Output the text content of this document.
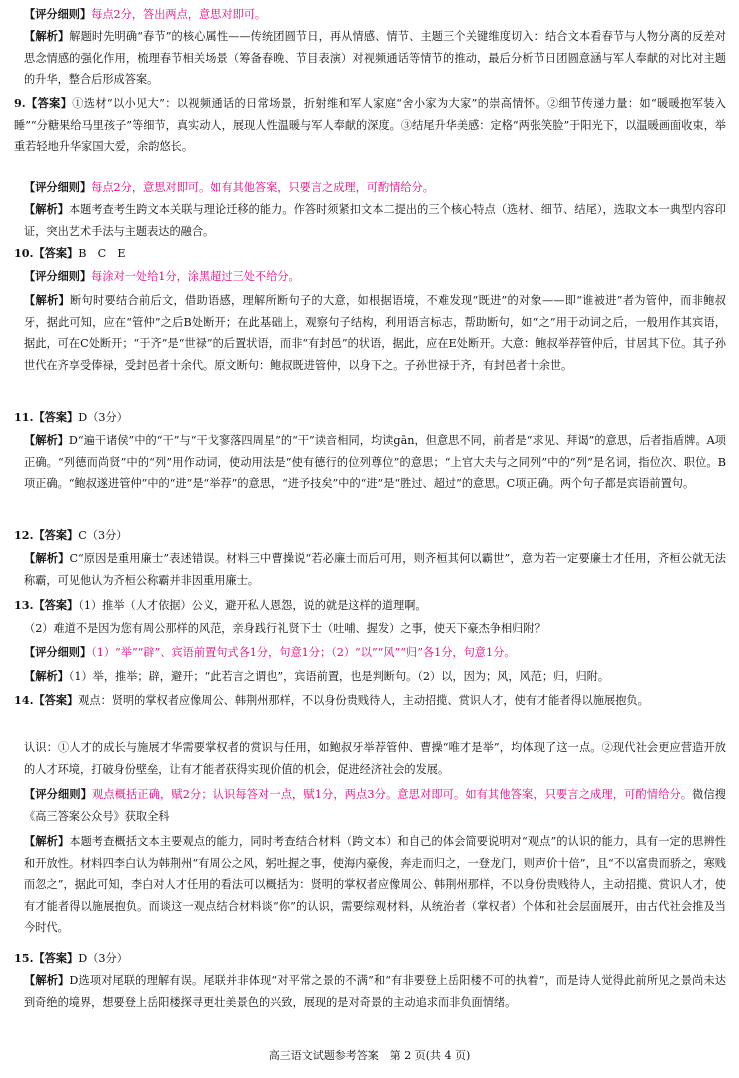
【评分细则】每点2分，答出两点，意思对即可。
【解析】解题时先明确“春节”的核心属性——传统团圆节日，再从情感、情节、主题三个关键维度切入：结合文本看春节与人物分离的反差对思念情感的强化作用，梳理春节相关场景（筹备春晚、节目表演）对视频通话等情节的推动，最后分析节日团圆意涵与军人奉献的对比对主题的升华，整合后形成答案。
9.【答案】①选材“以小见大”：以视频通话的日常场景，折射维和军人家庭“舍小家为大家”的崇高情怀。②细节传递力量：如“暖暖抱军装入睡”“分糖果给马里孩子”等细节，真实动人，展现人性温暖与军人奉献的深度。③结尾升华美感：定格“两张笑脸”于阳光下，以温暖画面收束，举重若轻地升华家国大爱，余韵悠长。
【评分细则】每点2分，意思对即可。如有其他答案，只要言之成理，可酌情给分。
【解析】本题考查考生跨文本关联与理论迁移的能力。作答时须紧扣文本二提出的三个核心特点（选材、细节、结尾），选取文本一典型内容印证，突出艺术手法与主题表达的融合。
10.【答案】B　C　E
【评分细则】每涂对一处给1分，涂黑超过三处不给分。
【解析】断句时要结合前后文，借助语感，理解所断句子的大意，如根据语境，不难发现“既进”的对象——即“谁被进”者为管仲，而非鲍叔牙，据此可知，应在“管仲”之后B处断开；在此基础上，观察句子结构，利用语言标志，帮助断句，如“之”用于动词之后，一般用作其宾语，据此，可在C处断开；“于齐”是“世禄”的后置状语，而非“有封邑”的状语，据此，应在E处断开。大意：鲍叔举荐管仲后，甘居其下位。其子孙世代在齐享受俸禄，受封邑者十余代。原文断句：鲍叔既进管仲，以身下之。子孙世禄于齐，有封邑者十余世。
11.【答案】D（3分）
【解析】D“遍干诸侯”中的“干”与“干戈寥落四周星”的“干”读音相同，均读gān，但意思不同，前者是“求见、拜谒”的意思，后者指盾牌。A项正确。“列德而尚贤”中的“列”用作动词，使动用法是“使有德行的位列尊位”的意思；“上官大夫与之同列”中的“列”是名词，指位次、职位。B项正确。“鲍叔遂进管仲”中的“进”是“举荐”的意思，“进予技矣”中的“进”是“胜过、超过”的意思。C项正确。两个句子都是宾语前置句。
12.【答案】C（3分）
【解析】C“原因是重用廉士”表述错误。材料三中曹操说“若必廉士而后可用，则齐桓其何以霸世”，意为若一定要廉士才任用，齐桓公就无法称霸，可见他认为齐桓公称霸并非因重用廉士。
13.【答案】（1）推举（人才依据）公义，避开私人恩怨，说的就是这样的道理啊。
（2）难道不是因为您有周公那样的风范，亲身践行礼贤下士（吐哺、握发）之事，使天下豪杰争相归附？
【评分细则】（1）“举”“辟”、宾语前置句式各1分，句意1分；（2）“以”“风”“归”各1分，句意1分。
【解析】（1）举，推举；辟，避开；“此若言之谓也”，宾语前置，也是判断句。（2）以，因为；风，风范；归，归附。
14.【答案】观点：贤明的掌权者应像周公、韩荆州那样，不以身份贵贱待人，主动招揽、赏识人才，使有才能者得以施展抱负。
认识：①人才的成长与施展才华需要掌权者的赏识与任用，如鲍叔牙举荐管仲、曹操“唯才是举”，均体现了这一点。②现代社会更应营造开放的人才环境，打破身份壁垒，让有才能者获得实现价值的机会，促进经济社会的发展。
【评分细则】观点概括正确，赋2分；认识每答对一点，赋1分，两点3分。意思对即可。如有其他答案，只要言之成理，可酌情给分。微信搜《高三答案公众号》获取全科
【解析】本题考查概括文本主要观点的能力，同时考查结合材料（跨文本）和自己的体会简要说明对“观点”的认识的能力，具有一定的思辨性和开放性。材料四李白认为韩荆州“有周公之风，躬吐握之事，使海内豪俊，奔走而归之，一登龙门，则声价十倍”，且“不以富贵而骄之，寒贱而忽之”，据此可知，李白对人才任用的看法可以概括为：贤明的掌权者应像周公、韩荆州那样，不以身份贵贱待人，主动招揽、赏识人才，使有才能者得以施展抱负。而谈这一观点结合材料谈“你”的认识，需要综观材料，从统治者（掌权者）个体和社会层面展开，由古代社会推及当今时代。
15.【答案】D（3分）
【解析】D选项对尾联的理解有误。尾联并非体现“对平常之景的不满”和“有非要登上岳阳楼不可的执着”，而是诗人觉得此前所见之景尚未达到奇绝的境界，想要登上岳阳楼探寻更壮美景色的兴致，展现的是对奇景的主动追求而非负面情绪。
高三语文试题参考答案　第 2 页(共 4 页)
